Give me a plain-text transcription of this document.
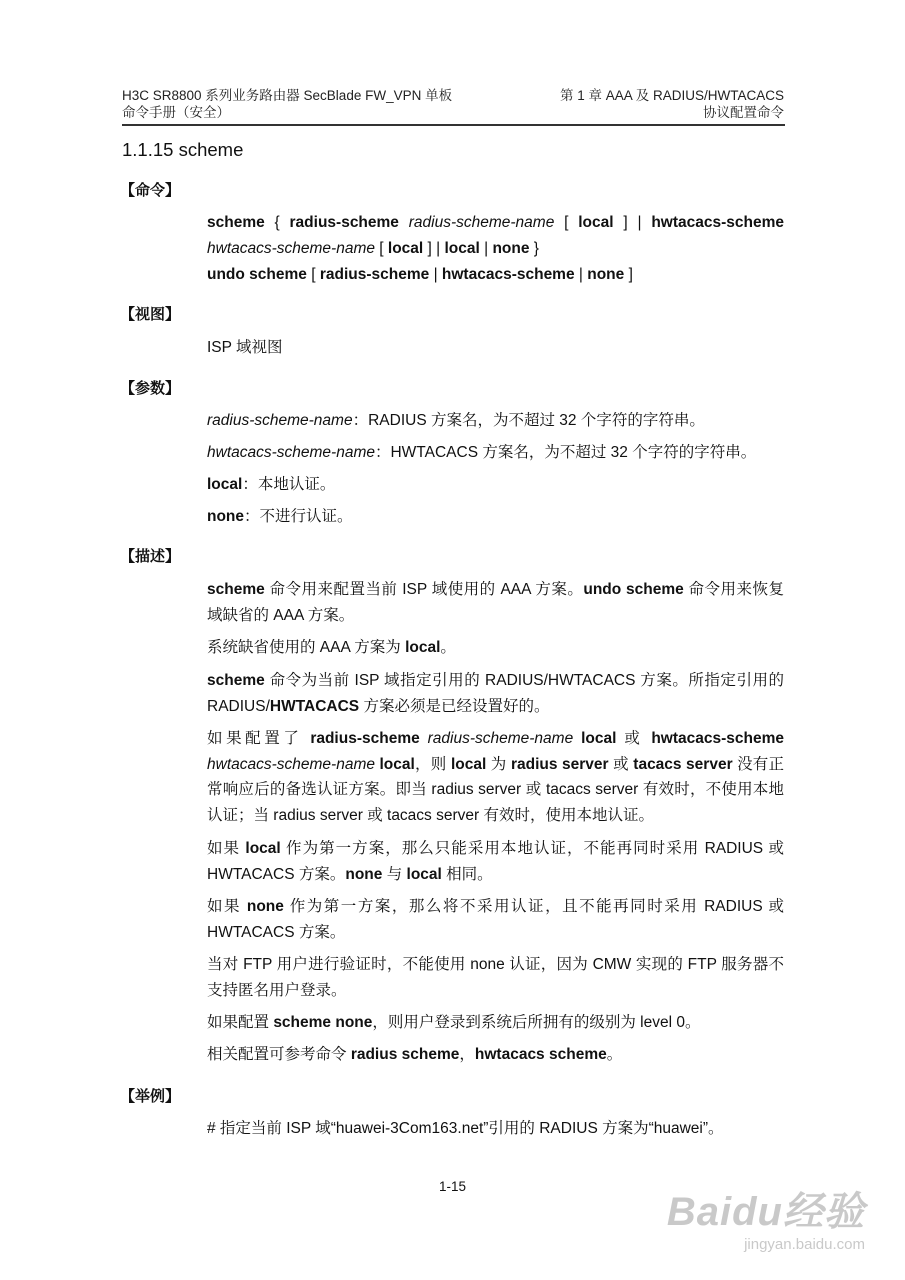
H3C SR8800 系列业务路由器 SecBlade FW_VPN 单板
命令手册（安全）
第 1 章 AAA 及 RADIUS/HWTACACS
协议配置命令
1.1.15 scheme
【命令】
scheme { radius-scheme radius-scheme-name [ local ] | hwtacacs-scheme hwtacacs-scheme-name [ local ] | local | none }
undo scheme [ radius-scheme | hwtacacs-scheme | none ]
【视图】
ISP 域视图
【参数】
radius-scheme-name：RADIUS 方案名，为不超过 32 个字符的字符串。
hwtacacs-scheme-name：HWTACACS 方案名，为不超过 32 个字符的字符串。
local：本地认证。
none：不进行认证。
【描述】
scheme 命令用来配置当前 ISP 域使用的 AAA 方案。undo scheme 命令用来恢复域缺省的 AAA 方案。
系统缺省使用的 AAA 方案为 local。
scheme 命令为当前 ISP 域指定引用的 RADIUS/HWTACACS 方案。所指定引用的 RADIUS/HWTACACS 方案必须是已经设置好的。
如果配置了 radius-scheme radius-scheme-name local 或 hwtacacs-scheme hwtacacs-scheme-name local，则 local 为 radius server 或 tacacs server 没有正常响应后的备选认证方案。即当 radius server 或 tacacs server 有效时，不使用本地认证；当 radius server 或 tacacs server 有效时，使用本地认证。
如果 local 作为第一方案，那么只能采用本地认证，不能再同时采用 RADIUS 或 HWTACACS 方案。none 与 local 相同。
如果 none 作为第一方案，那么将不采用认证，且不能再同时采用 RADIUS 或 HWTACACS 方案。
当对 FTP 用户进行验证时，不能使用 none 认证，因为 CMW 实现的 FTP 服务器不支持匿名用户登录。
如果配置 scheme none，则用户登录到系统后所拥有的级别为 level 0。
相关配置可参考命令 radius scheme，hwtacacs scheme。
【举例】
# 指定当前 ISP 域“huawei-3Com163.net”引用的 RADIUS 方案为“huawei”。
1-15
Baidu经验
jingyan.baidu.com
